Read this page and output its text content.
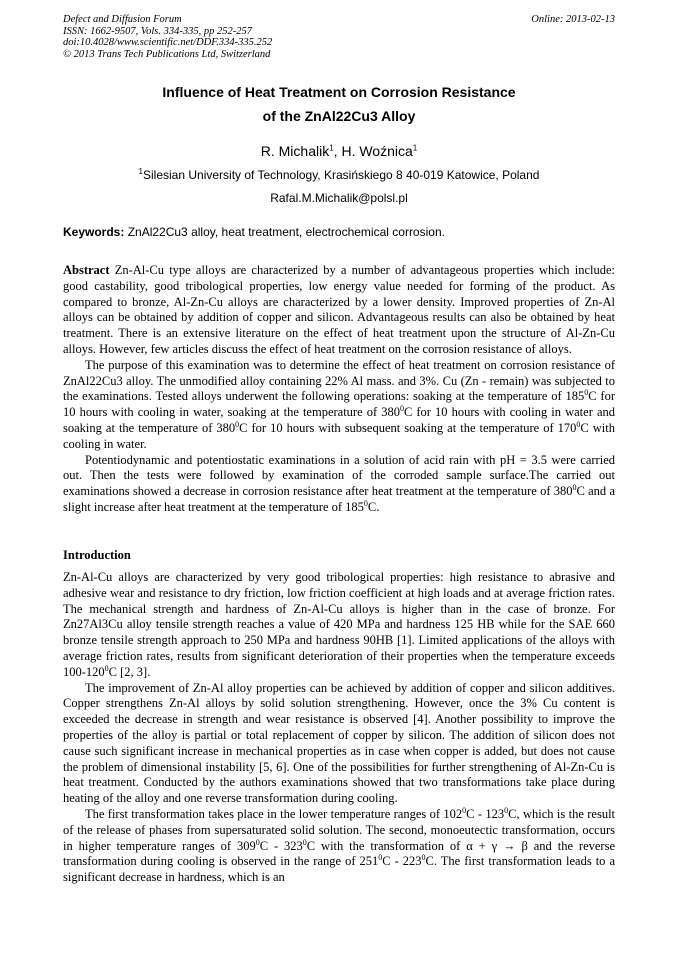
Defect and Diffusion Forum
ISSN: 1662-9507, Vols. 334-335, pp 252-257
doi:10.4028/www.scientific.net/DDF.334-335.252
© 2013 Trans Tech Publications Ltd, Switzerland
Online: 2013-02-13
Influence of Heat Treatment on Corrosion Resistance
of the ZnAl22Cu3 Alloy
R. Michalik$^1$, H. Woźnica$^1$
$^1$Silesian University of Technology, Krasińskiego 8 40-019 Katowice, Poland
Rafal.M.Michalik@polsl.pl
Keywords: ZnAl22Cu3 alloy, heat treatment, electrochemical corrosion.

Abstract Zn-Al-Cu type alloys are characterized by a number of advantageous properties which include: good castability, good tribological properties, low energy value needed for forming of the product. As compared to bronze, Al-Zn-Cu alloys are characterized by a lower density. Improved properties of Zn-Al alloys can be obtained by addition of copper and silicon. Advantageous results can also be obtained by heat treatment. There is an extensive literature on the effect of heat treatment upon the structure of Al-Zn-Cu alloys. However, few articles discuss the effect of heat treatment on the corrosion resistance of alloys.

The purpose of this examination was to determine the effect of heat treatment on corrosion resistance of ZnAl22Cu3 alloy. The unmodified alloy containing 22% Al mass. and 3%. Cu (Zn - remain) was subjected to the examinations. Tested alloys underwent the following operations: soaking at the temperature of $185^0C$ for 10 hours with cooling in water, soaking at the temperature of $380^0C$ for 10 hours with cooling in water and soaking at the temperature of $380^0C$ for 10 hours with subsequent soaking at the temperature of $170^0C$ with cooling in water.

Potentiodynamic and potentiostatic examinations in a solution of acid rain with pH = 3.5 were carried out. Then the tests were followed by examination of the corroded sample surface.The carried out examinations showed a decrease in corrosion resistance after heat treatment at the temperature of $380^0C$ and a slight increase after heat treatment at the temperature of $185^0C$.

Introduction

Zn-Al-Cu alloys are characterized by very good tribological properties: high resistance to abrasive and adhesive wear and resistance to dry friction, low friction coefficient at high loads and at average friction rates. The mechanical strength and hardness of Zn-Al-Cu alloys is higher than in the case of bronze. For Zn27Al3Cu alloy tensile strength reaches a value of 420 MPa and hardness 125 HB while for the SAE 660 bronze tensile strength approach to 250 MPa and hardness 90HB [1]. Limited applications of the alloys with average friction rates, results from significant deterioration of their properties when the temperature exceeds $100-120^0C$ [2, 3].

The improvement of Zn-Al alloy properties can be achieved by addition of copper and silicon additives. Copper strengthens Zn-Al alloys by solid solution strengthening. However, once the 3% Cu content is exceeded the decrease in strength and wear resistance is observed [4]. Another possibility to improve the properties of the alloy is partial or total replacement of copper by silicon. The addition of silicon does not cause such significant increase in mechanical properties as in case when copper is added, but does not cause the problem of dimensional instability [5, 6]. One of the possibilities for further strengthening of Al-Zn-Cu is heat treatment. Conducted by the authors examinations showed that two transformations take place during heating of the alloy and one reverse transformation during cooling.

The first transformation takes place in the lower temperature ranges of $102^0C - 123^0C$, which is the result of the release of phases from supersaturated solid solution. The second, monoeutectic transformation, occurs in higher temperature ranges of $309^0C - 323^0C$ with the transformation of α + γ → β and the reverse transformation during cooling is observed in the range of $251^0C - 223^0C$. The first transformation leads to a significant decrease in hardness, which is an
